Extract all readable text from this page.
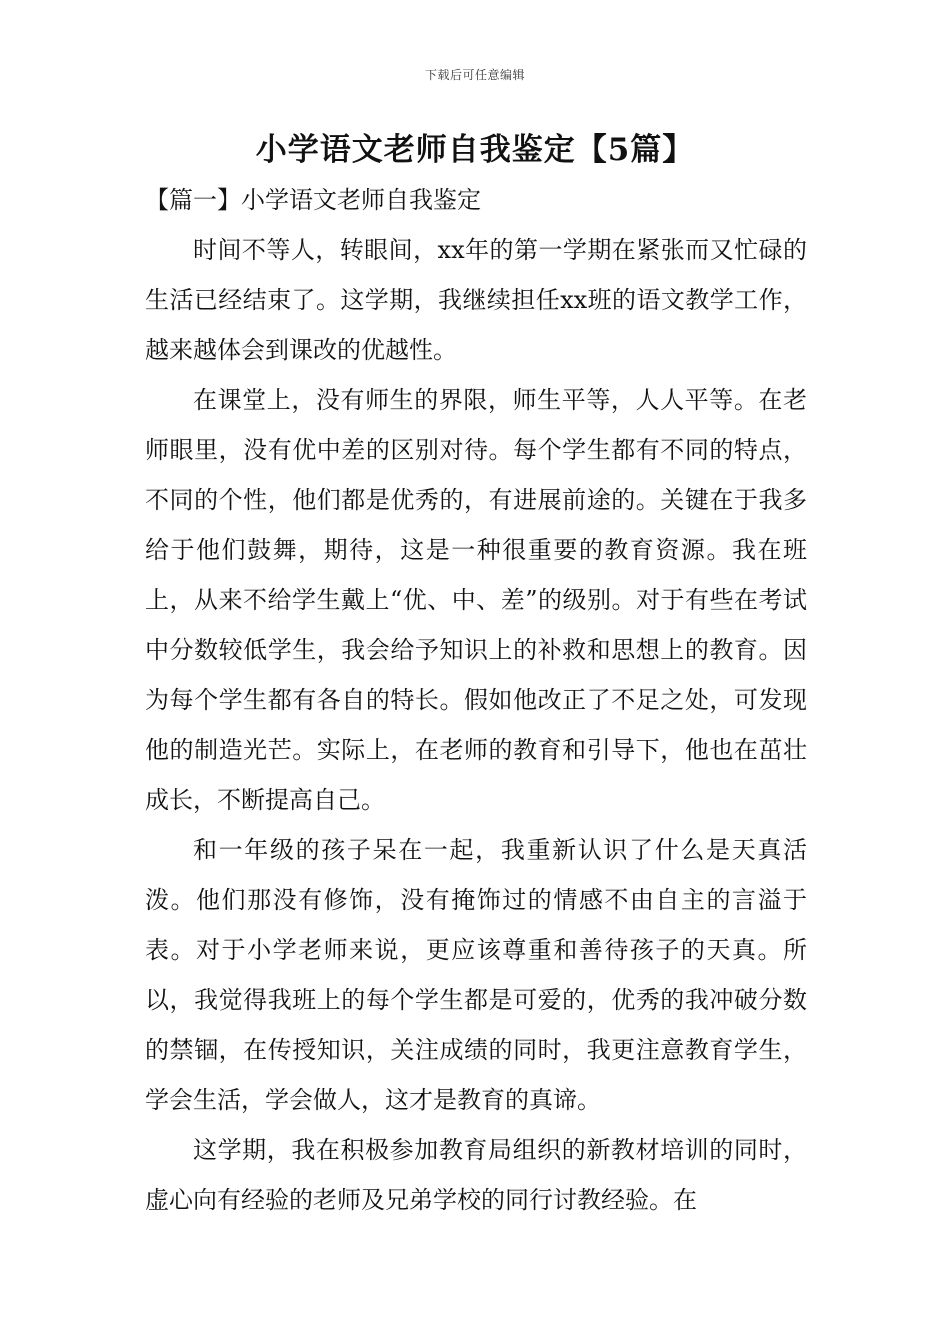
下载后可任意编辑
小学语文老师自我鉴定【5篇】
【篇一】小学语文老师自我鉴定

时间不等人，转眼间，xx年的第一学期在紧张而又忙碌的生活已经结束了。这学期，我继续担任xx班的语文教学工作，越来越体会到课改的优越性。

在课堂上，没有师生的界限，师生平等，人人平等。在老师眼里，没有优中差的区别对待。每个学生都有不同的特点，不同的个性，他们都是优秀的，有进展前途的。关键在于我多给于他们鼓舞，期待，这是一种很重要的教育资源。我在班上，从来不给学生戴上“优、中、差”的级别。对于有些在考试中分数较低学生，我会给予知识上的补救和思想上的教育。因为每个学生都有各自的特长。假如他改正了不足之处，可发现他的制造光芒。实际上，在老师的教育和引导下，他也在茁壮成长，不断提高自己。

和一年级的孩子呆在一起，我重新认识了什么是天真活泼。他们那没有修饰，没有掩饰过的情感不由自主的言溢于表。对于小学老师来说，更应该尊重和善待孩子的天真。所以，我觉得我班上的每个学生都是可爱的，优秀的我冲破分数的禁锢，在传授知识，关注成绩的同时，我更注意教育学生，学会生活，学会做人，这才是教育的真谛。

这学期，我在积极参加教育局组织的新教材培训的同时，虚心向有经验的老师及兄弟学校的同行讨教经验。在
